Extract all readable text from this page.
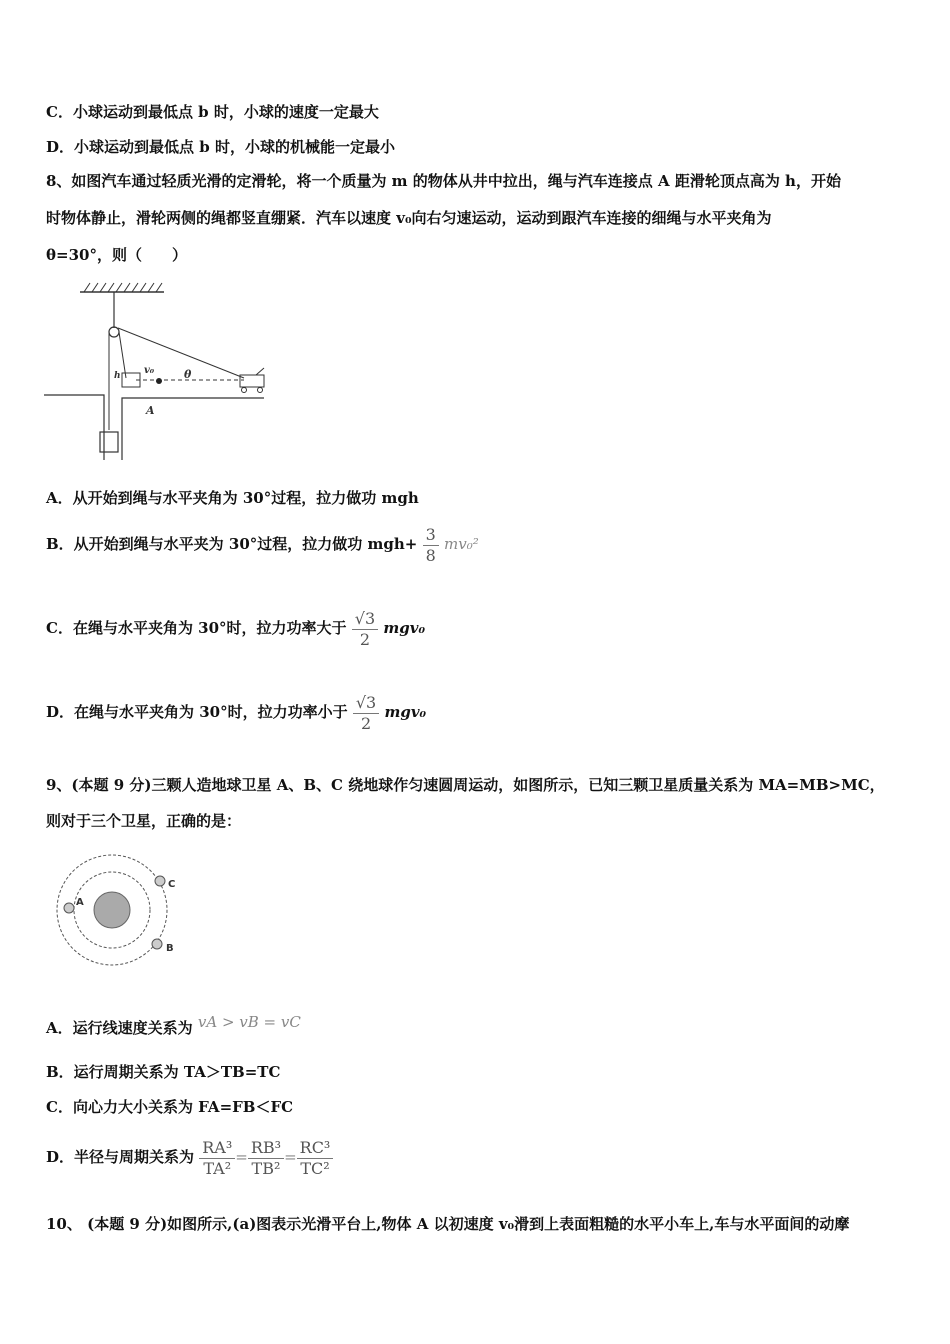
C．小球运动到最低点 b 时，小球的速度一定最大
D．小球运动到最低点 b 时，小球的机械能一定最小
8、如图汽车通过轻质光滑的定滑轮，将一个质量为 m 的物体从井中拉出，绳与汽车连接点 A 距滑轮顶点高为 h，开始
时物体静止，滑轮两侧的绳都竖直绷紧．汽车以速度 v₀向右匀速运动，运动到跟汽车连接的细绳与水平夹角为
θ=30°，则（　　）
v₀	θ
A
h
A．从开始到绳与水平夹角为 30°过程，拉力做功 mgh
B．从开始到绳与水平夹为 30°过程，拉力做功 $mgh+ \frac{3}{8} mv_0^2$
C．在绳与水平夹角为 30°时，拉力功率大于 $\frac{√3}{2} mgv_0$
D．在绳与水平夹角为 30°时，拉力功率小于 $\frac{√3}{2} mgv_0$
9、(本题 9 分)三颗人造地球卫星 A、B、C 绕地球作匀速圆周运动，如图所示，已知三颗卫星质量关系为 MA=MB>MC，
则对于三个卫星，正确的是：
A
B
C
A．运行线速度关系为 vA > vB = vC
B．运行周期关系为 TA＞TB=TC
C．向心力大小关系为 FA=FB＜FC
D．半径与周期关系为 $\frac{\text{RA³}}{\text{TA²}} = \frac{\text{RB³}}{\text{TB²}} = \frac{\text{RC³}}{\text{TC²}}$
10、 (本题 9 分)如图所示,(a)图表示光滑平台上,物体 A 以初速度 v₀滑到上表面粗糙的水平小车上,车与水平面间的动摩
